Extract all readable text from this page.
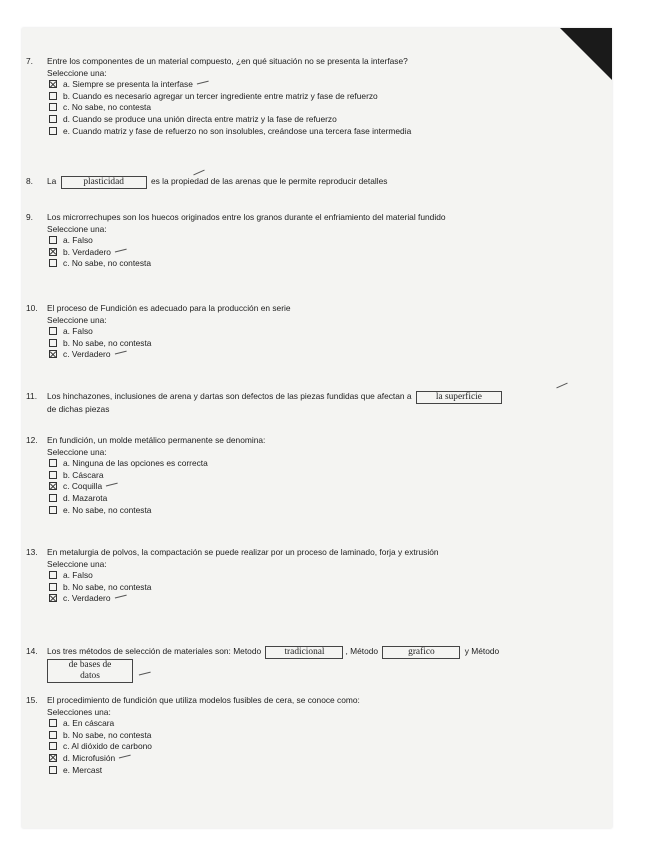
7. Entre los componentes de un material compuesto, ¿en qué situación no se presenta la interfase?
Seleccione una:
a. Siempre se presenta la interfase
b. Cuando es necesario agregar un tercer ingrediente entre matriz y fase de refuerzo
c. No sabe, no contesta
d. Cuando se produce una unión directa entre matriz y la fase de refuerzo
e. Cuando matriz y fase de refuerzo no son insolubles, creándose una tercera fase intermedia
8. La	plasticidad	es la propiedad de las arenas que le permite reproducir detalles
9. Los microrrechupes son los huecos originados entre los granos durante el enfriamiento del material fundido
Seleccione una:
a. Falso
b. Verdadero
c. No sabe, no contesta
10. El proceso de Fundición es adecuado para la producción en serie
Seleccione una:
a. Falso
b. No sabe, no contesta
c. Verdadero
11. Los hinchazones, inclusiones de arena y dartas son defectos de las piezas fundidas que afectan a	la superficie
de dichas piezas
12. En fundición, un molde metálico permanente se denomina:
Seleccione una:
a. Ninguna de las opciones es correcta
b. Cáscara
c. Coquilla
d. Mazarota
e. No sabe, no contesta
13. En metalurgia de polvos, la compactación se puede realizar por un proceso de laminado, forja y extrusión
Seleccione una:
a. Falso
b. No sabe, no contesta
c. Verdadero
14. Los tres métodos de selección de materiales son: Metodo tradicional , Método	grafico	y Método
de bases de datos
15. El procedimiento de fundición que utiliza modelos fusibles de cera, se conoce como:
Selecciones una:
a. En cáscara
b. No sabe, no contesta
c. Al dióxido de carbono
d. Microfusión
e. Mercast
